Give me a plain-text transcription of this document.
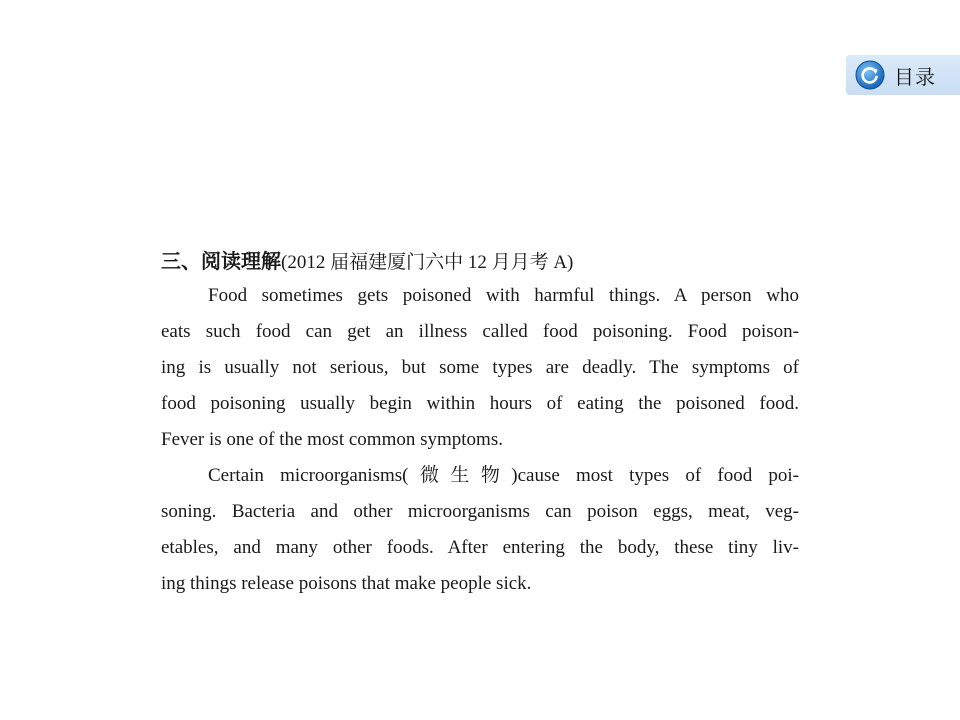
目录
三、阅读理解(2012 届福建厦门六中 12 月月考 A)
Food sometimes gets poisoned with harmful things. A person who
eats such food can get an illness called food poisoning. Food poison-
ing is usually not serious, but some types are deadly. The symptoms of
food poisoning usually begin within hours of eating the poisoned food.
Fever is one of the most common symptoms.
Certain microorganisms(微生物)cause most types of food poi-
soning. Bacteria and other microorganisms can poison eggs, meat, veg-
etables, and many other foods. After entering the body, these tiny liv-
ing things release poisons that make people sick.
